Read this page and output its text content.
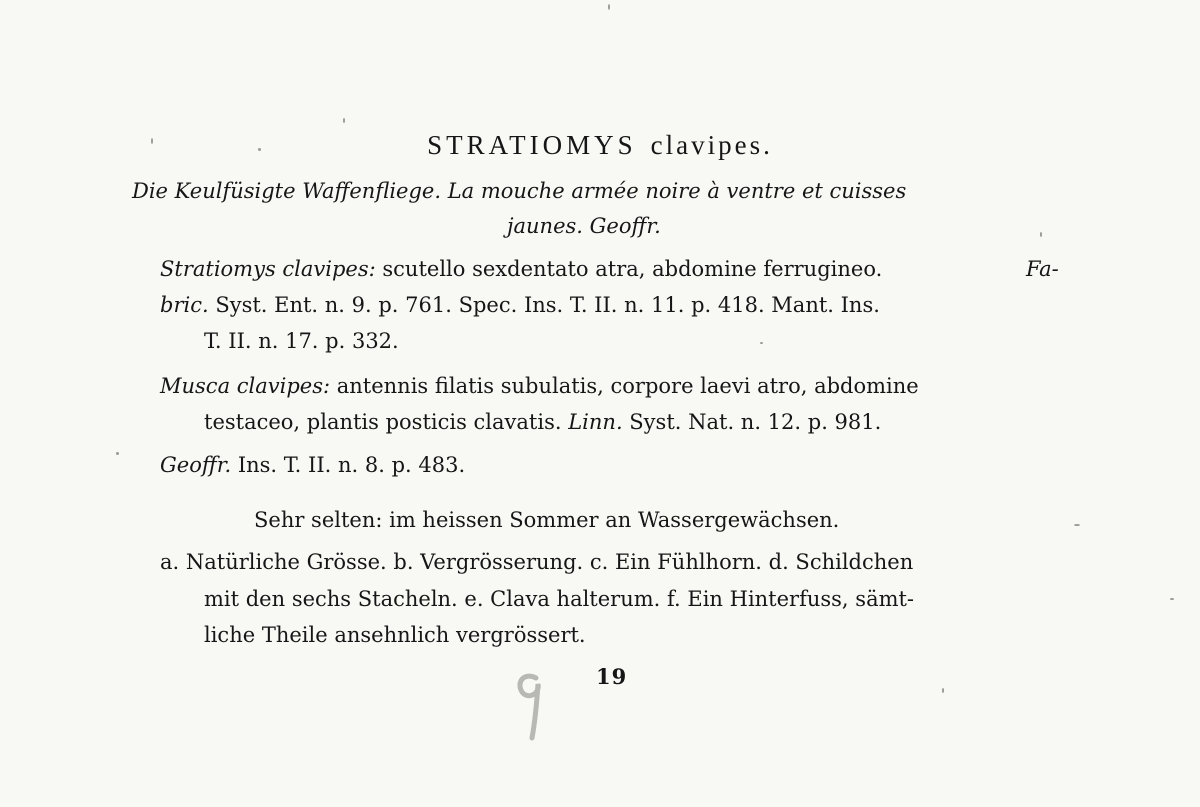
STRATIOMYS clavipes.
Die Keulfüsigte Waffenfliege. La mouche armée noire à ventre et cuisses
jaunes. Geoffr.
Stratiomys clavipes: scutello sexdentato atra, abdomine ferrugineo.	Fa-
bric. Syst. Ent. n. 9. p. 761. Spec. Ins. T. II. n. 11. p. 418. Mant. Ins.
T. II. n. 17. p. 332.
Musca clavipes: antennis filatis subulatis, corpore laevi atro, abdomine
testaceo, plantis posticis clavatis. Linn. Syst. Nat. n. 12. p. 981.
Geoffr. Ins. T. II. n. 8. p. 483.
Sehr selten: im heissen Sommer an Wassergewächsen.
a. Natürliche Grösse. b. Vergrösserung. c. Ein Fühlhorn. d. Schildchen
mit den sechs Stacheln. e. Clava halterum. f. Ein Hinterfuss, sämt-
liche Theile ansehnlich vergrössert.
19
